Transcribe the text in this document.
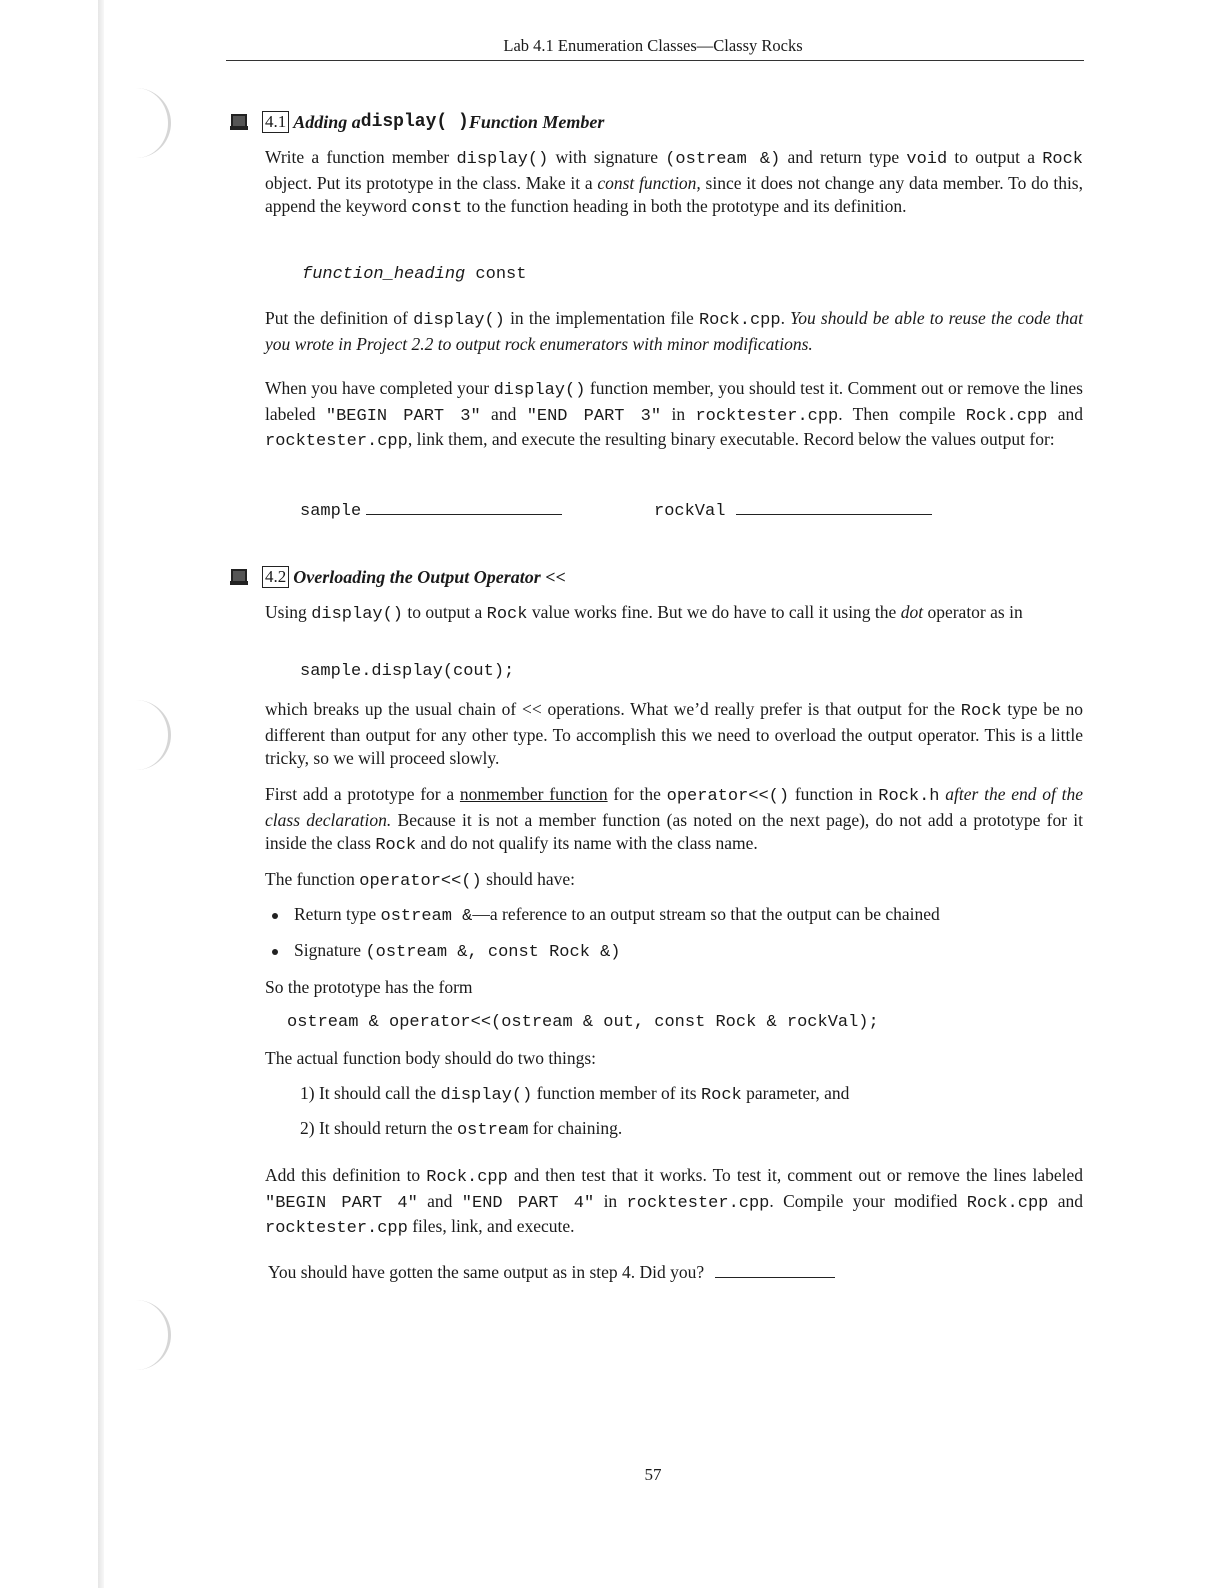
Lab 4.1 Enumeration Classes—Classy Rocks
4.1 Adding a display( ) Function Member
Write a function member display() with signature (ostream &) and return type void to output a Rock object. Put its prototype in the class. Make it a const function, since it does not change any data member. To do this, append the keyword const to the function heading in both the prototype and its definition.
function_heading const
Put the definition of display() in the implementation file Rock.cpp. You should be able to reuse the code that you wrote in Project 2.2 to output rock enumerators with minor modifications.
When you have completed your display() function member, you should test it. Comment out or remove the lines labeled "BEGIN PART 3" and "END PART 3" in rocktester.cpp. Then compile Rock.cpp and rocktester.cpp, link them, and execute the resulting binary executable. Record below the values output for:
sample	rockVal
4.2 Overloading the Output Operator <<
Using display() to output a Rock value works fine. But we do have to call it using the dot operator as in
sample.display(cout);
which breaks up the usual chain of << operations. What we’d really prefer is that output for the Rock type be no different than output for any other type. To accomplish this we need to overload the output operator. This is a little tricky, so we will proceed slowly.
First add a prototype for a nonmember function for the operator<<() function in Rock.h after the end of the class declaration. Because it is not a member function (as noted on the next page), do not add a prototype for it inside the class Rock and do not qualify its name with the class name.
The function operator<<() should have:
Return type ostream &—a reference to an output stream so that the output can be chained
Signature (ostream &, const Rock &)
So the prototype has the form
ostream & operator<<(ostream & out, const Rock & rockVal);
The actual function body should do two things:
1) It should call the display() function member of its Rock parameter, and
2) It should return the ostream for chaining.
Add this definition to Rock.cpp and then test that it works. To test it, comment out or remove the lines labeled "BEGIN PART 4" and "END PART 4" in rocktester.cpp. Compile your modified Rock.cpp and rocktester.cpp files, link, and execute.
You should have gotten the same output as in step 4. Did you?
57
